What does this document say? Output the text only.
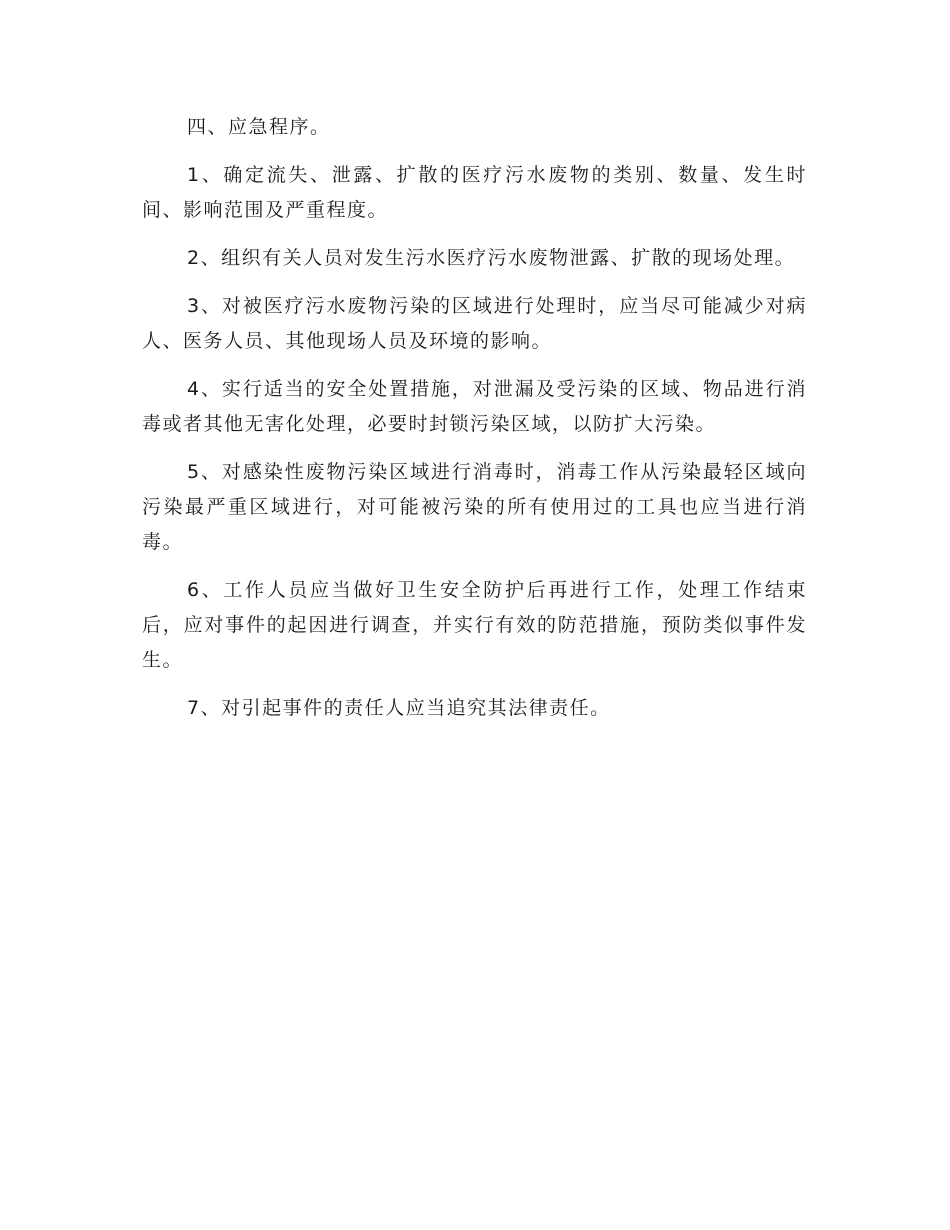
四、应急程序。

1、确定流失、泄露、扩散的医疗污水废物的类别、数量、发生时间、影响范围及严重程度。

2、组织有关人员对发生污水医疗污水废物泄露、扩散的现场处理。

3、对被医疗污水废物污染的区域进行处理时，应当尽可能减少对病人、医务人员、其他现场人员及环境的影响。

4、实行适当的安全处置措施，对泄漏及受污染的区域、物品进行消毒或者其他无害化处理，必要时封锁污染区域，以防扩大污染。

5、对感染性废物污染区域进行消毒时，消毒工作从污染最轻区域向污染最严重区域进行，对可能被污染的所有使用过的工具也应当进行消毒。

6、工作人员应当做好卫生安全防护后再进行工作，处理工作结束后，应对事件的起因进行调查，并实行有效的防范措施，预防类似事件发生。

7、对引起事件的责任人应当追究其法律责任。
